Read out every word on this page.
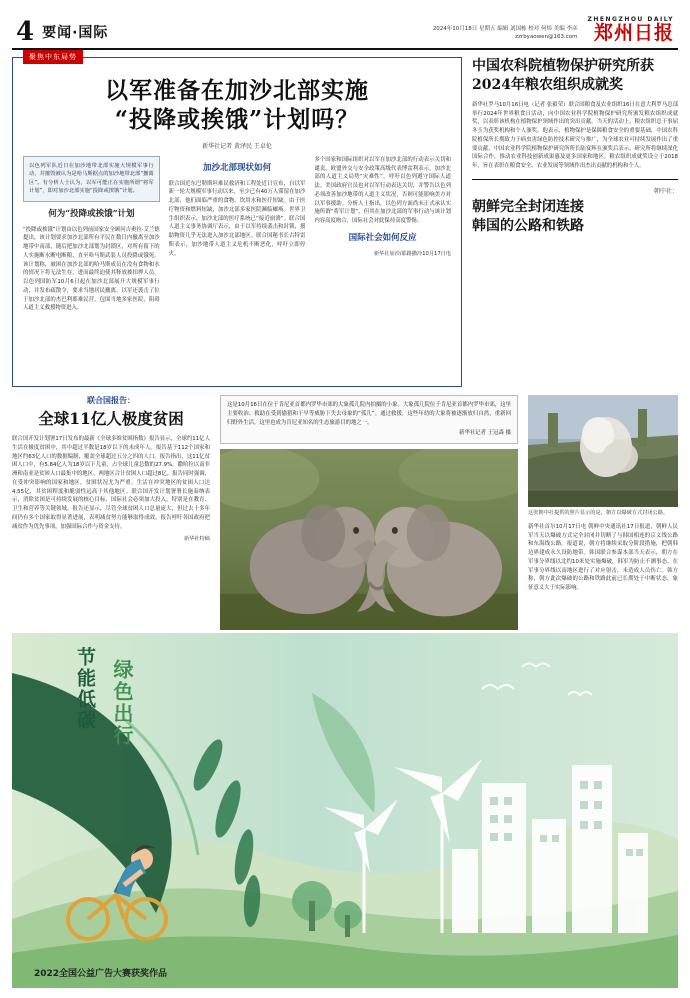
4 要闻·国际	2024年10月18日 星期五 编辑 刘国栋 校对 何炜 美编 李彦
zzrbyaowen@163.com
ZHENGZHOU DAILY
郑州日报
聚焦中东局势
以军准备在加沙北部实施
“投降或挨饿”计划吗？
新华社记者 黄泽民 王卓伦
以色列军队近日在加沙地带北部实施大规模军事行动，并摧毁被认为是哈马斯据点的加沙地带北部“撤离区”。有分析人士认为，以军可能正在实施所谓“将军计划”，即对加沙北部实施“投降或挨饿”计划。
何为“投降或挨饿”计划
“投降或挨饿”计划由以色列前国家安全顾问吉奥拉·艾兰德提出，该计划要求加沙北部所有平民在数日内撤离至加沙地带中南部，随后把加沙北部划为封锁区，对所有留下的人实施断水断电断粮，直至哈马斯武装人员投降或饿死。该计划称，被困在加沙北部的哈马斯成员在没有食物和水的情况下将无法生存，进而最终迫使其释放被扣押人员。以色列国防军10月6日起在加沙北部展开大规模军事行动，并发布疏散令，要求当地居民撤离。以军还袭击了位于加沙北部的杰巴利耶难民营，包围当地多家医院，阻碍人道主义救援物资进入。
加沙北部现状如何
联合国近东巴勒斯坦难民救济和工程处近日宣布，自以军新一轮大规模军事行动以来，至少已有40万人滞留在加沙北部，他们面临严重的食物、饮用水和医疗短缺。由于医疗物资和燃料短缺，加沙北部多家医院濒临瘫痪。世界卫生组织表示，加沙北部的医疗系统已“接近崩溃”。联合国人道主义事务协调厅表示，由于以军持续袭击和封锁，援助物资几乎无法进入加沙北部地区。联合国秘书长古特雷斯表示，加沙地带人道主义危机不断恶化，呼吁立即停火。
多个国家和国际组织对以军在加沙北部的行动表示关切和谴责。欧盟外交与安全政策高级代表博雷利表示，加沙北部的人道主义局势“灾难性”，呼吁以色列遵守国际人道法。美国政府官员也对以军行动表达关切，并警告以色列必须改善加沙地带的人道主义状况，否则可能影响美方对以军事援助。分析人士指出，以色列方面尚未正式承认实施所谓“将军计划”，但其在加沙北部的军事行动与该计划内容高度吻合，国际社会对此保持高度警惕。
国际社会如何反应
新华社加沙/耶路撒冷10月17日电
中国农科院植物保护研究所获2024年粮农组织成就奖
新华社罗马10月16日电（记者 张毅荣）联合国粮食及农业组织16日在意大利罗马总部举行2024年世界粮食日活动，向中国农业科学院植物保护研究所颁发粮农组织成就奖，以表彰该机构在植物保护领域作出的突出贡献。当天的活动上，粮农组织总干事屈冬玉为获奖机构和个人颁奖。他表示，植物保护是保障粮食安全的重要基础，中国农科院植保所长期致力于病虫害绿色防控技术研究与推广，为全球农业可持续发展作出了重要贡献。中国农业科学院植物保护研究所所长陆宴辉在颁奖后表示，研究所将继续深化国际合作，推动农业科技创新成果惠及更多国家和地区。粮农组织成就奖设立于2018年，旨在表彰在粮食安全、农业发展等领域作出杰出贡献的机构和个人。
朝中社：
朝鲜完全封闭连接
韩国的公路和铁路
联合国报告：
全球11亿人极度贫困
联合国开发计划署17日发布的最新《全球多维贫困指数》报告显示，全球约11亿人生活在极度贫困中，其中超过半数是18岁以下的未成年人。报告基于112个国家和地区约63亿人口的数据编制，覆盖全球超过五分之四的人口。报告指出，这11亿贫困人口中，有5.84亿人为18岁以下儿童，占全球儿童总数的27.9%。撒哈拉以南非洲和南亚是贫困人口最集中的地区，两地区合计贫困人口超过8亿。报告同时强调，在受冲突影响的国家和地区，贫困状况尤为严重。生活在冲突地区的贫困人口达4.55亿，其贫困程度和脆弱性远高于其他地区。联合国开发计划署署长施泰纳表示，消除贫困是可持续发展的核心目标，国际社会必须加大投入，特别是在教育、卫生和营养等关键领域。报告还显示，尽管全球贫困人口总量庞大，但过去十多年间仍有多个国家取得显著进展，表明减贫努力能够取得成效。报告呼吁各国政府把减贫作为优先事项，加强国际合作与资金支持。
新华社特稿
这是10月16日在位于肯尼亚首都内罗毕市郊的大象孤儿院内拍摄的小象。大象孤儿院位于肯尼亚首都内罗毕市郊，这里主要收治、救助在受到偷猎和干旱等威胁下失去母象的“孤儿”。通过救援，这些年幼的大象将被逐渐放归自然，重新回归野外生活。这里也成为肯尼亚知名的生态旅游目的地之一。
新华社记者 王冠森 摄
这张朝中社提供的照片显示的是，朝方以爆破方式封闭公路。
新华社首尔10月17日电 朝鲜中央通讯社17日报道，朝鲜人民军当天以爆破方式完全封闭并切断了与韩国相连的京义线公路和东海线公路。报道说，朝方将继续采取分阶段措施，把朝韩边界建成永久设防地带。韩国联合参谋本部当天表示，朝方在军事分界线以北约10米处实施爆破，韩军为防止不测事态，在军事分界线以南地区进行了对应射击，未造成人员伤亡。韩方称，朝方此次爆破的公路和铁路此前已长期处于中断状态，象征意义大于实际影响。
节能低碳 绿色出行
2022全国公益广告大赛获奖作品
